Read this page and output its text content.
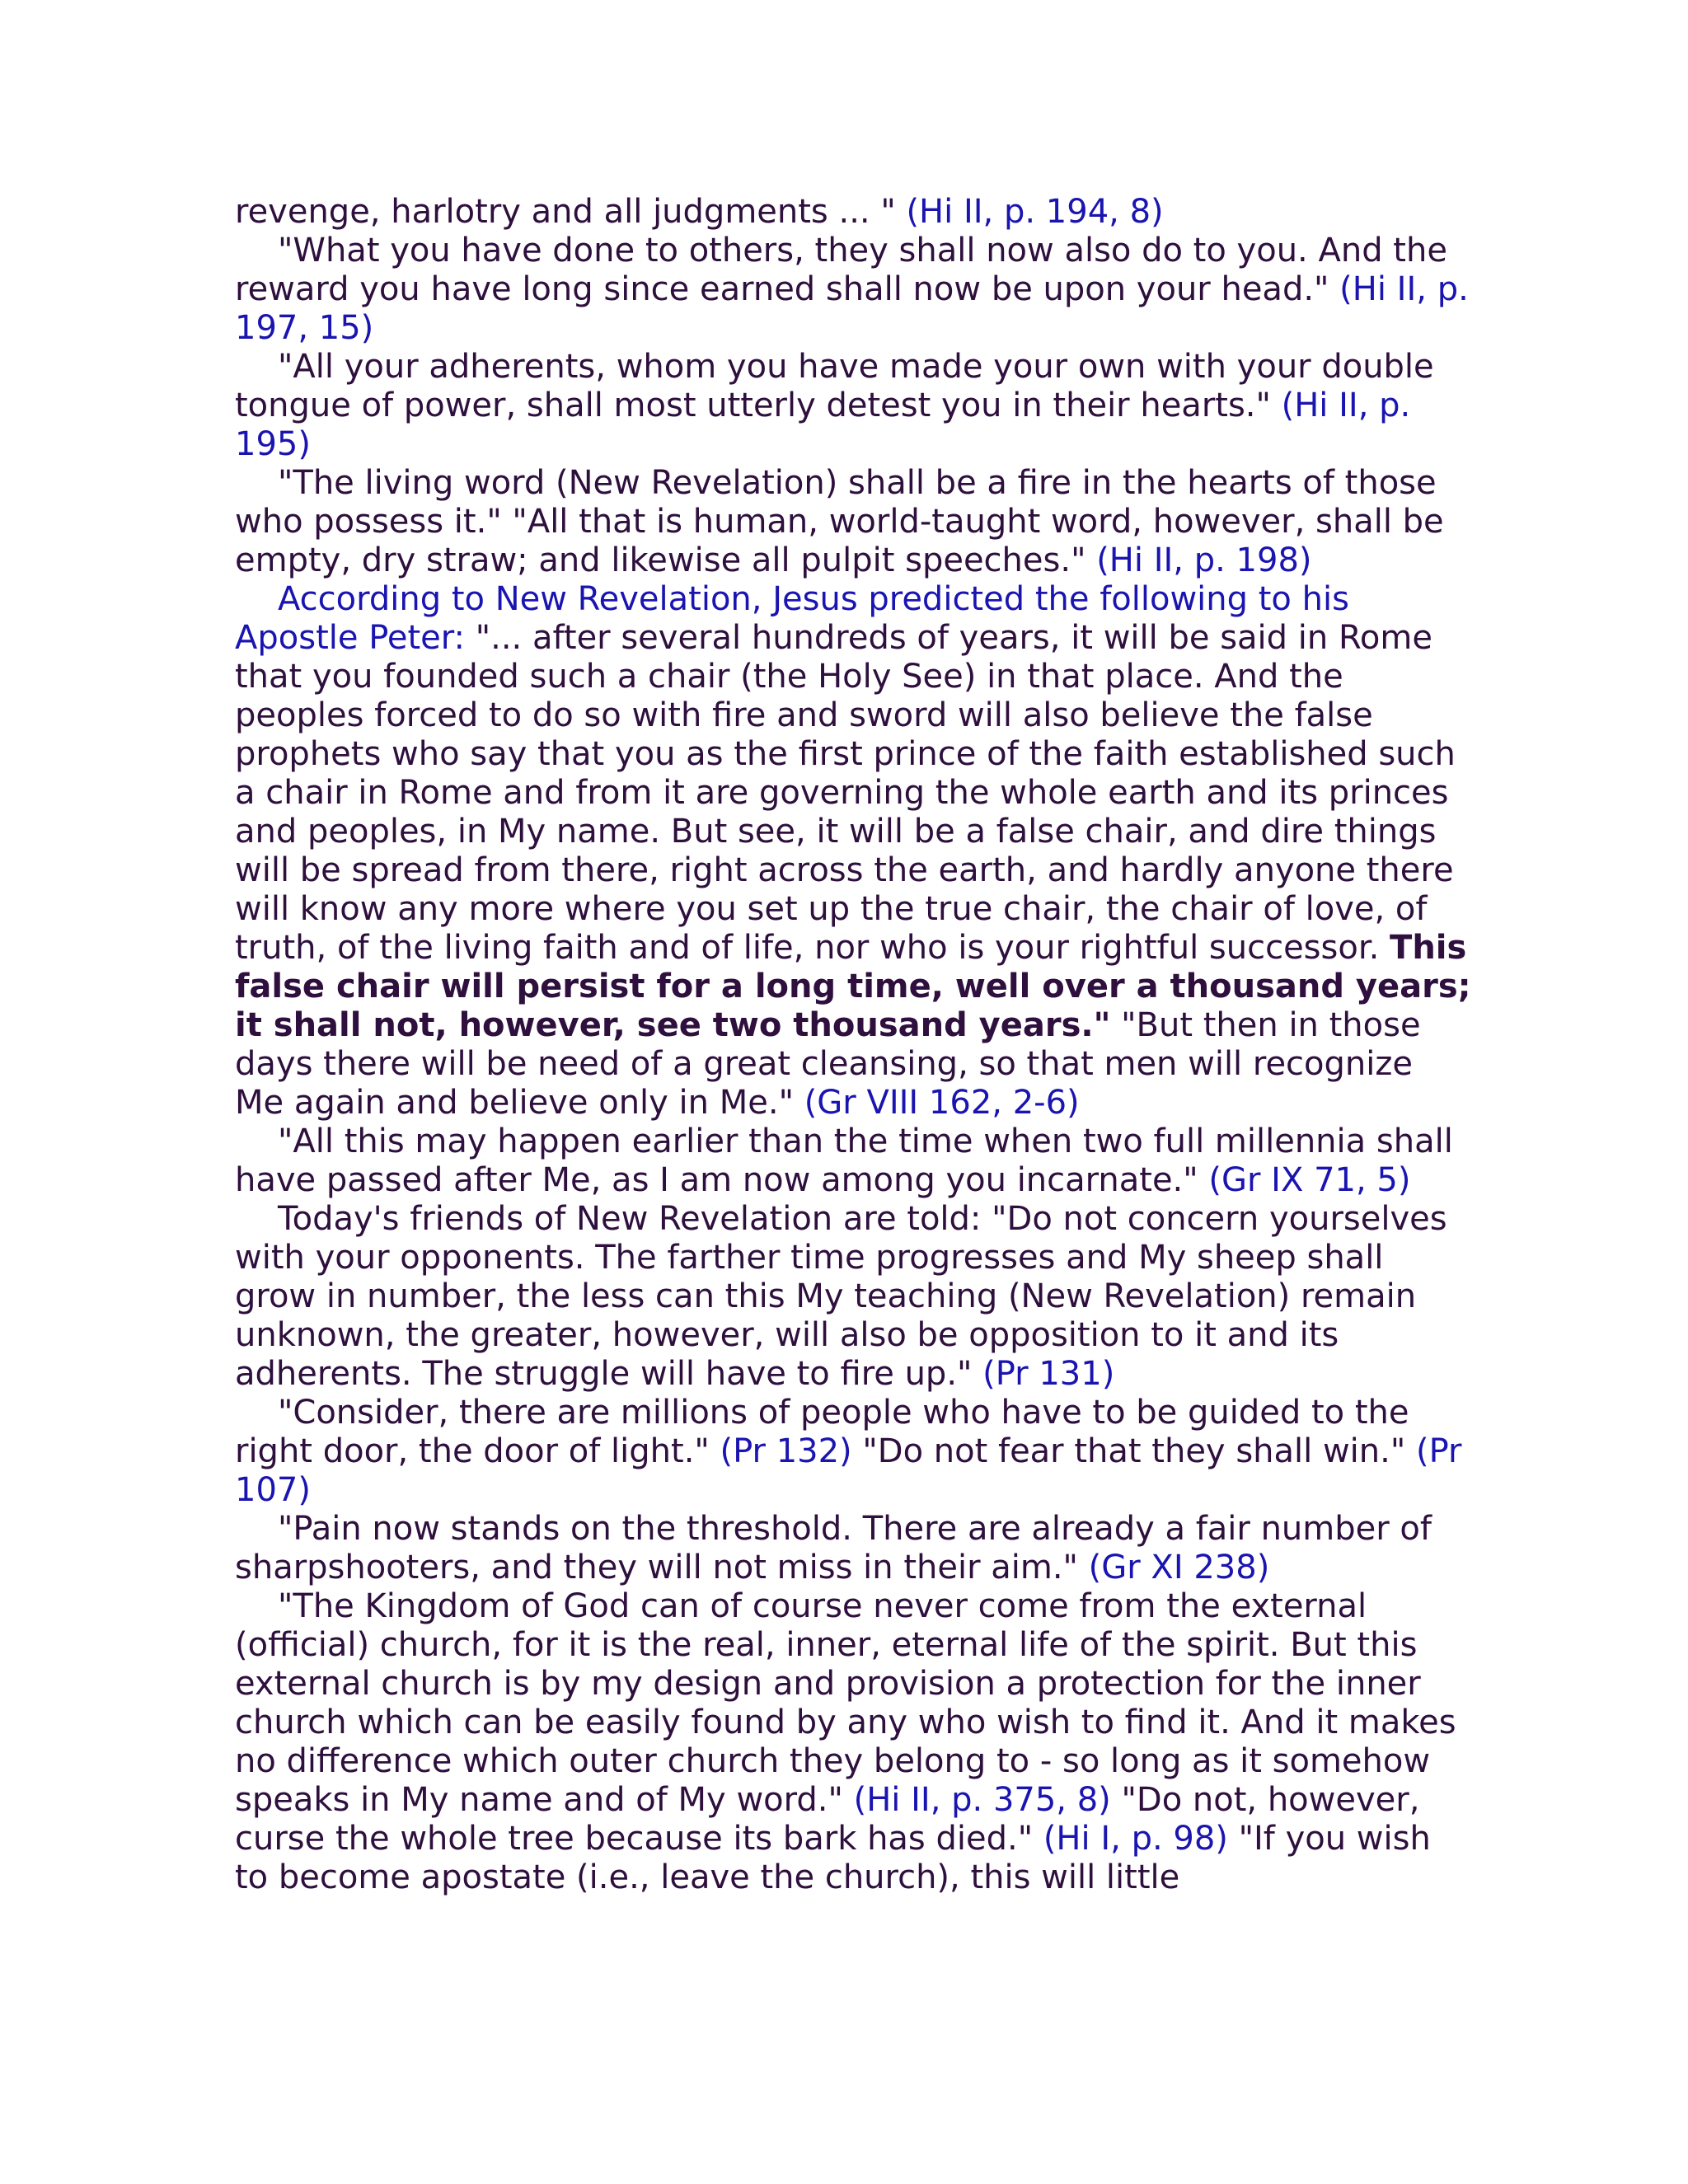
revenge, harlotry and all judgments ... " (Hi II, p. 194, 8)

"What you have done to others, they shall now also do to you. And the reward you have long since earned shall now be upon your head." (Hi II, p. 197, 15)

"All your adherents, whom you have made your own with your double tongue of power, shall most utterly detest you in their hearts." (Hi II, p. 195)

"The living word (New Revelation) shall be a fire in the hearts of those who possess it." "All that is human, world-taught word, however, shall be empty, dry straw; and likewise all pulpit speeches." (Hi II, p. 198)

According to New Revelation, Jesus predicted the following to his Apostle Peter: "... after several hundreds of years, it will be said in Rome that you founded such a chair (the Holy See) in that place. And the peoples forced to do so with fire and sword will also believe the false prophets who say that you as the first prince of the faith established such a chair in Rome and from it are governing the whole earth and its princes and peoples, in My name. But see, it will be a false chair, and dire things will be spread from there, right across the earth, and hardly anyone there will know any more where you set up the true chair, the chair of love, of truth, of the living faith and of life, nor who is your rightful successor. This false chair will persist for a long time, well over a thousand years; it shall not, however, see two thousand years." "But then in those days there will be need of a great cleansing, so that men will recognize Me again and believe only in Me." (Gr VIII 162, 2-6)

"All this may happen earlier than the time when two full millennia shall have passed after Me, as I am now among you incarnate." (Gr IX 71, 5)

Today's friends of New Revelation are told: "Do not concern yourselves with your opponents. The farther time progresses and My sheep shall grow in number, the less can this My teaching (New Revelation) remain unknown, the greater, however, will also be opposition to it and its adherents. The struggle will have to fire up." (Pr 131)

"Consider, there are millions of people who have to be guided to the right door, the door of light." (Pr 132) "Do not fear that they shall win." (Pr 107)

"Pain now stands on the threshold. There are already a fair number of sharpshooters, and they will not miss in their aim." (Gr XI 238)

"The Kingdom of God can of course never come from the external (official) church, for it is the real, inner, eternal life of the spirit. But this external church is by my design and provision a protection for the inner church which can be easily found by any who wish to find it. And it makes no difference which outer church they belong to - so long as it somehow speaks in My name and of My word." (Hi II, p. 375, 8) "Do not, however, curse the whole tree because its bark has died." (Hi I, p. 98) "If you wish to become apostate (i.e., leave the church), this will little
